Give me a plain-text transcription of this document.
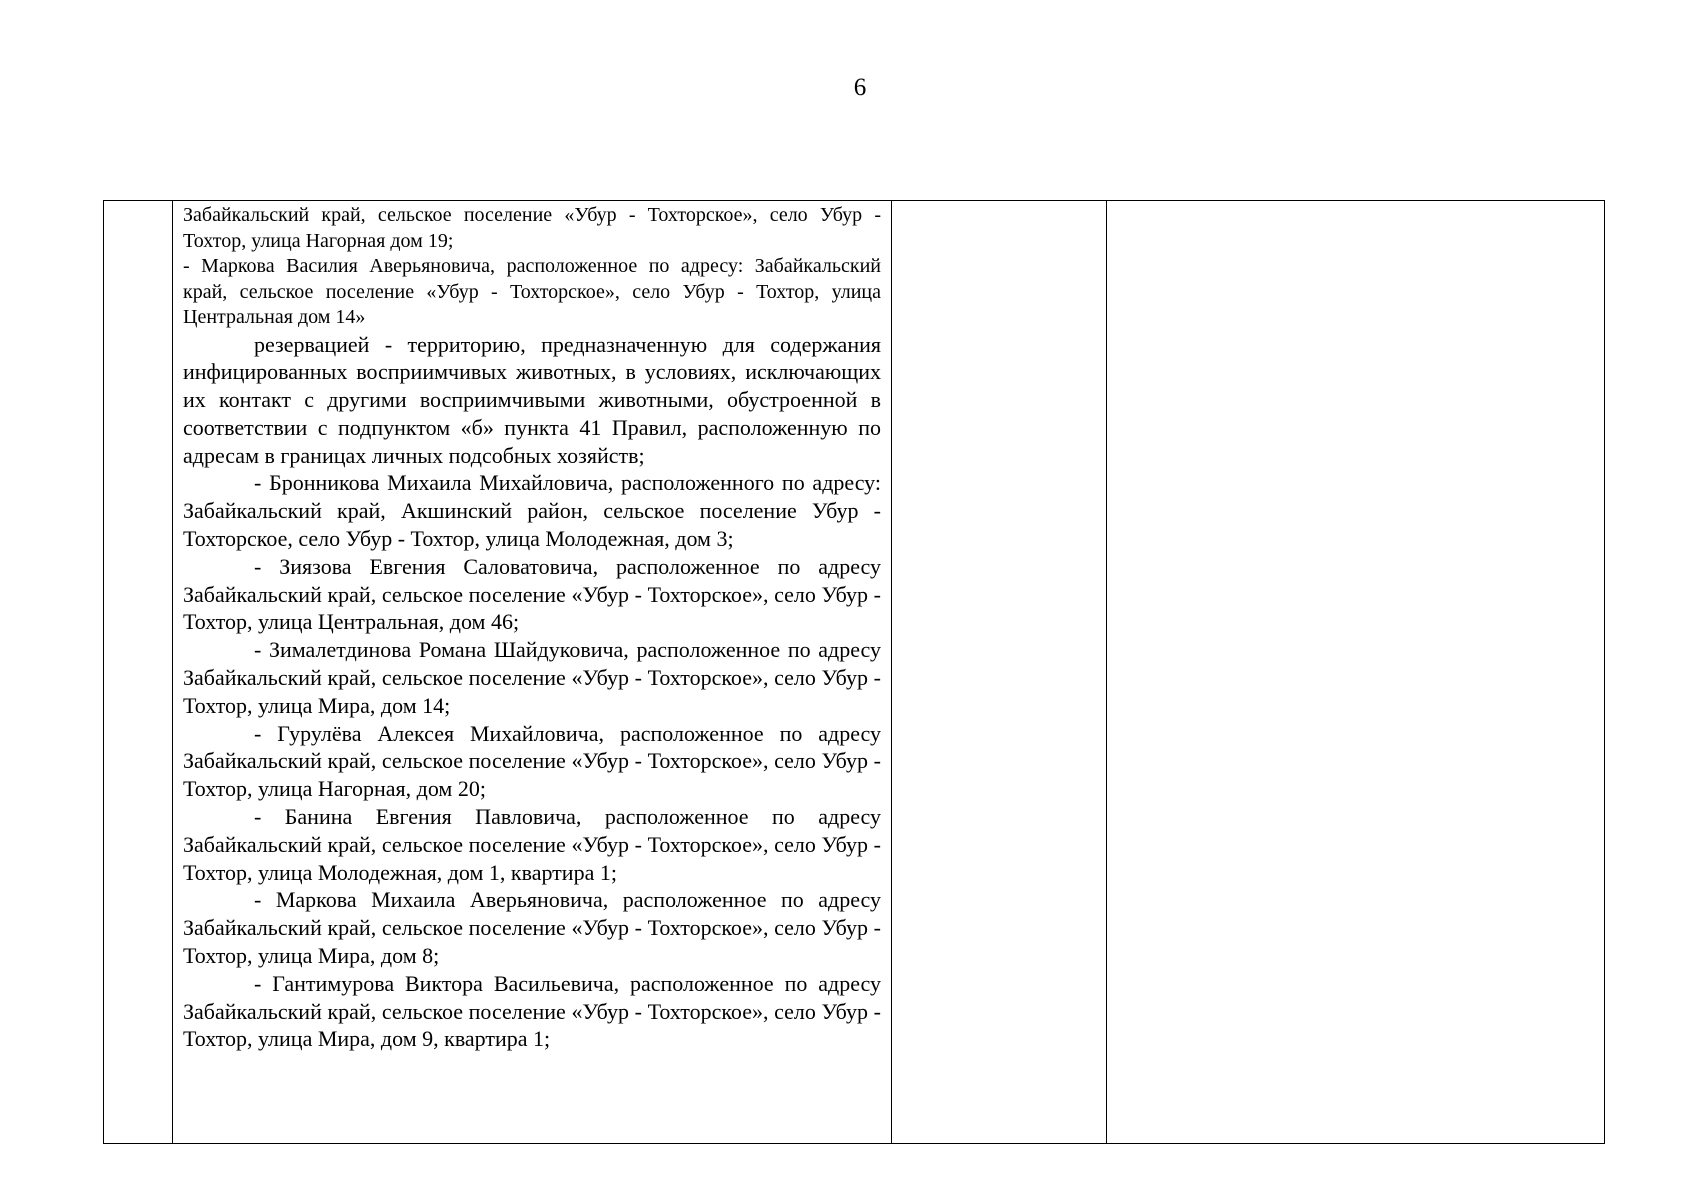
6

Забайкальский край, сельское поселение «Убур - Тохторское», село Убур - Тохтор, улица Нагорная дом 19;

- Маркова Василия Аверьяновича, расположенное по адресу: Забайкальский край, сельское поселение «Убур - Тохторское», село Убур - Тохтор, улица Центральная дом 14»

резервацией - территорию, предназначенную для содержания инфицированных восприимчивых животных, в условиях, исключающих их контакт с другими восприимчивыми животными, обустроенной в соответствии с подпунктом «б» пункта 41 Правил, расположенную по адресам в границах личных подсобных хозяйств;

- Бронникова Михаила Михайловича, расположенного по адресу: Забайкальский край, Акшинский район, сельское поселение Убур - Тохторское, село Убур - Тохтор, улица Молодежная, дом 3;

- Зиязова Евгения Саловатовича, расположенное по адресу Забайкальский край, сельское поселение «Убур - Тохторское», село Убур - Тохтор, улица Центральная, дом 46;

- Зималетдинова Романа Шайдуковича, расположенное по адресу Забайкальский край, сельское поселение «Убур - Тохторское», село Убур - Тохтор, улица Мира, дом 14;

- Гурулёва Алексея Михайловича, расположенное по адресу Забайкальский край, сельское поселение «Убур - Тохторское», село Убур - Тохтор, улица Нагорная, дом 20;

- Банина Евгения Павловича, расположенное по адресу Забайкальский край, сельское поселение «Убур - Тохторское», село Убур - Тохтор, улица Молодежная, дом 1, квартира 1;

- Маркова Михаила Аверьяновича, расположенное по адресу Забайкальский край, сельское поселение «Убур - Тохторское», село Убур - Тохтор, улица Мира, дом 8;

- Гантимурова Виктора Васильевича, расположенное по адресу Забайкальский край, сельское поселение «Убур - Тохторское», село Убур - Тохтор, улица Мира, дом 9, квартира 1;
